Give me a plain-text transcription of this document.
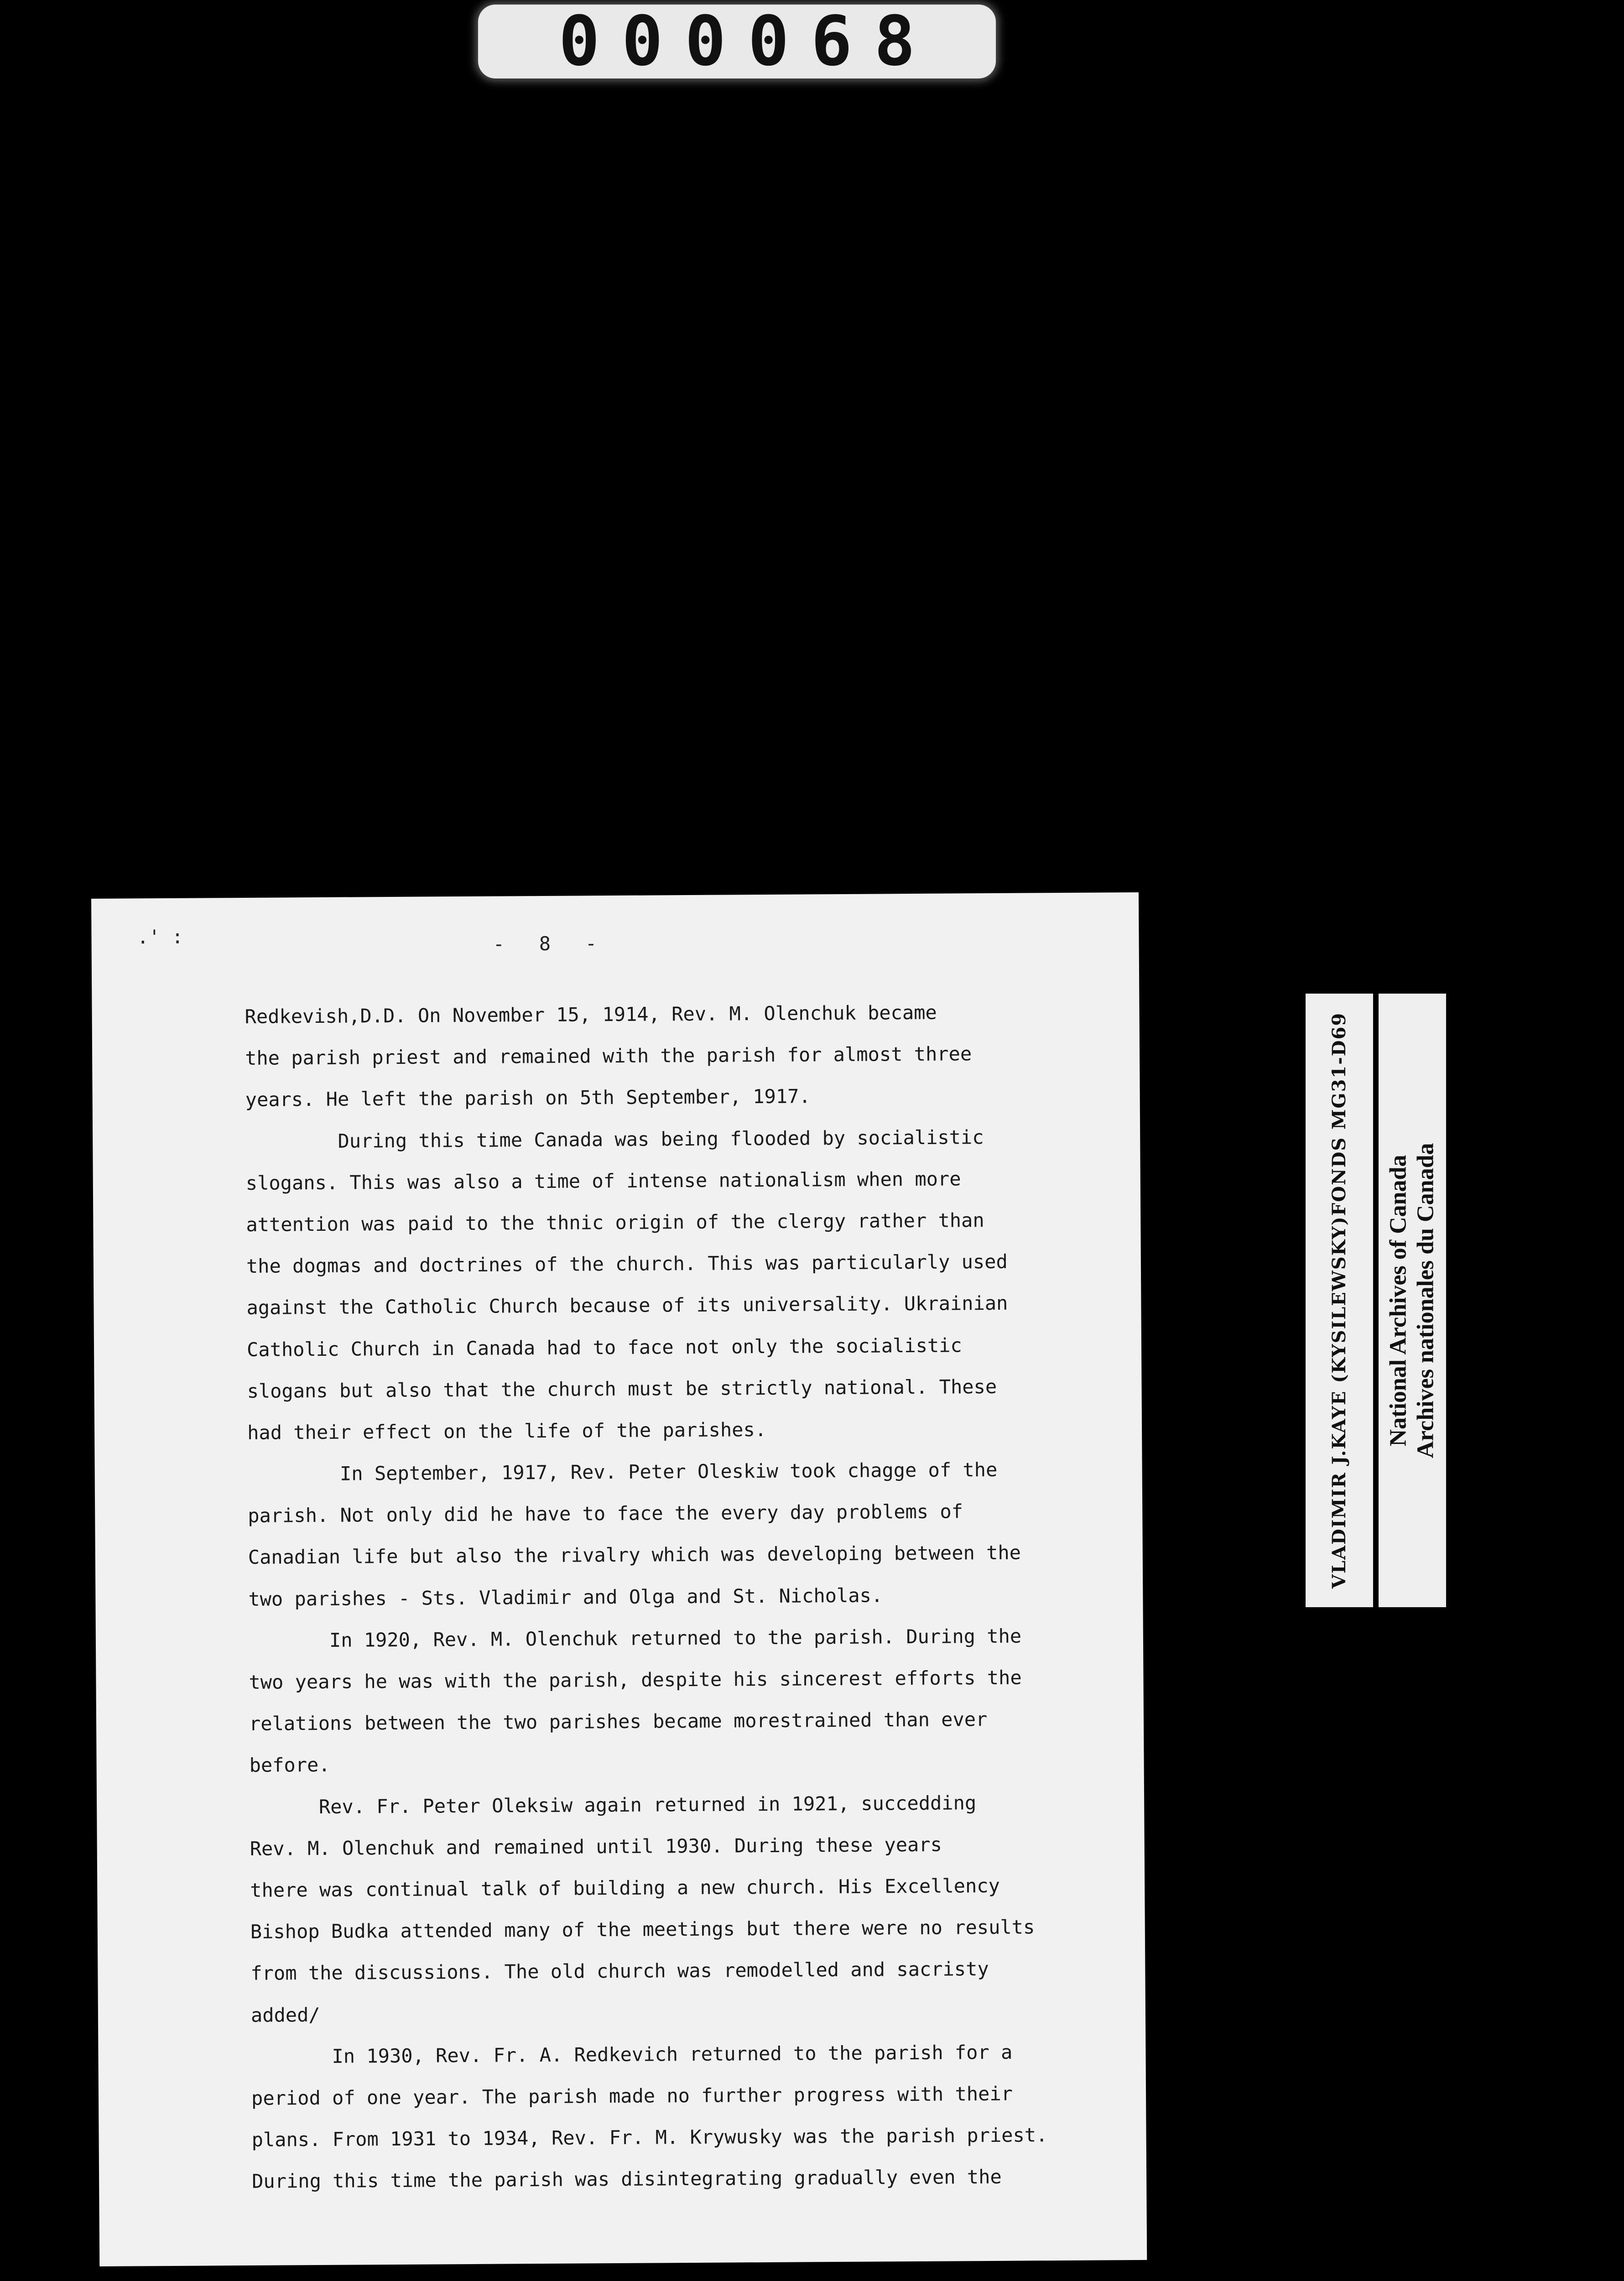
000068
.' :	-   8   -
Redkevish,D.D. On November 15, 1914, Rev. M. Olenchuk became
the parish priest and remained with the parish for almost three
years. He left the parish on 5th September, 1917.
During this time Canada was being flooded by socialistic
slogans. This was also a time of intense nationalism when more
attention was paid to the thnic origin of the clergy rather than
the dogmas and doctrines of the church. This was particularly used
against the Catholic Church because of its universality. Ukrainian
Catholic Church in Canada had to face not only the socialistic
slogans but also that the church must be strictly national. These
had their effect on the life of the parishes.
In September, 1917, Rev. Peter Oleskiw took chagge of the
parish. Not only did he have to face the every day problems of
Canadian life but also the rivalry which was developing between the
two parishes - Sts. Vladimir and Olga and St. Nicholas.
In 1920, Rev. M. Olenchuk returned to the parish. During the
two years he was with the parish, despite his sincerest efforts the
relations between the two parishes became morestrained than ever
before.
Rev. Fr. Peter Oleksiw again returned in 1921, succedding
Rev. M. Olenchuk and remained until 1930. During these years
there was continual talk of building a new church. His Excellency
Bishop Budka attended many of the meetings but there were no results
from the discussions. The old church was remodelled and sacristy
added/
In 1930, Rev. Fr. A. Redkevich returned to the parish for a
period of one year. The parish made no further progress with their
plans. From 1931 to 1934, Rev. Fr. M. Krywusky was the parish priest.
During this time the parish was disintegrating gradually even the
VLADIMIR J.KAYE (KYSILEWSKY)FONDS MG31-D69 National Archives of Canada Archives nationales du Canada
